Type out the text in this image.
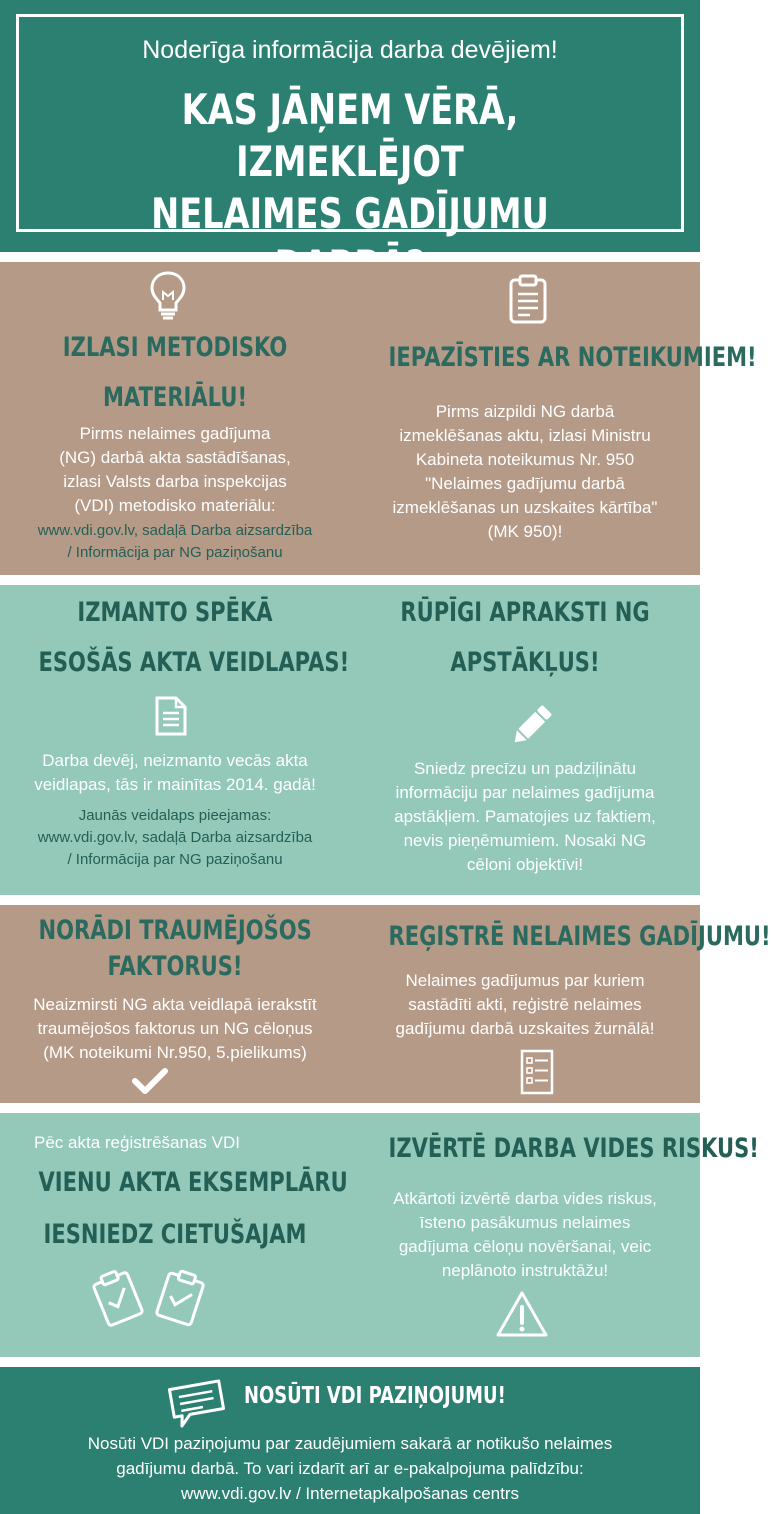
Noderīga informācija darba devējiem!
KAS JĀŅEM VĒRĀ, IZMEKLĒJOT
NELAIMES GADĪJUMU
IZLASI METODISKO
MATERIĀLU!
Pirms nelaimes gadījuma
(NG) darbā akta sastādīšanas,
izlasi Valsts darba inspekcijas
(VDI) metodisko materiālu:
www.vdi.gov.lv, sadaļā Darba aizsardzība
/ Informācija par NG paziņošanu
IEPAZĪSTIES AR NOTEIKUMIEM!
Pirms aizpildi NG darbā
izmeklēšanas aktu, izlasi Ministru
Kabineta noteikumus Nr. 950
"Nelaimes gadījumu darbā
izmeklēšanas un uzskaites kārtība"
(MK 950)!
IZMANTO SPĒKĀ
ESOŠĀS AKTA VEIDLAPAS!
Darba devēj, neizmanto vecās akta
veidlapas, tās ir mainītas 2014. gadā!
Jaunās veidalaps pieejamas:
www.vdi.gov.lv, sadaļā Darba aizsardzība
/ Informācija par NG paziņošanu
RŪPĪGI APRAKSTI NG
APSTĀKĻUS!
Sniedz precīzu un padziļinātu
informāciju par nelaimes gadījuma
apstākļiem. Pamatojies uz faktiem,
nevis pieņēmumiem. Nosaki NG
cēloni objektīvi!
NORĀDI TRAUMĒJOŠOS
FAKTORUS!
Neaizmirsti NG akta veidlapā ierakstīt
traumējošos faktorus un NG cēloņus
(MK noteikumi Nr.950, 5.pielikums)
REĢISTRĒ NELAIMES GADĪJUMU!
Nelaimes gadījumus par kuriem
sastādīti akti, reģistrē nelaimes
gadījumu darbā uzskaites žurnālā!
Pēc akta reģistrēšanas VDI
VIENU AKTA EKSEMPLĀRU
IESNIEDZ CIETUŠAJAM
IZVĒRTĒ DARBA VIDES RISKUS!
Atkārtoti izvērtē darba vides riskus,
īsteno pasākumus nelaimes
gadījuma cēloņu novēršanai, veic
neplānoto instruktāžu!
NOSŪTI VDI PAZIŅOJUMU!
Nosūti VDI paziņojumu par zaudējumiem sakarā ar notikušo nelaimes
gadījumu darbā. To vari izdarīt arī ar e-pakalpojuma palīdzību:
www.vdi.gov.lv / Internetapkalpošanas centrs
